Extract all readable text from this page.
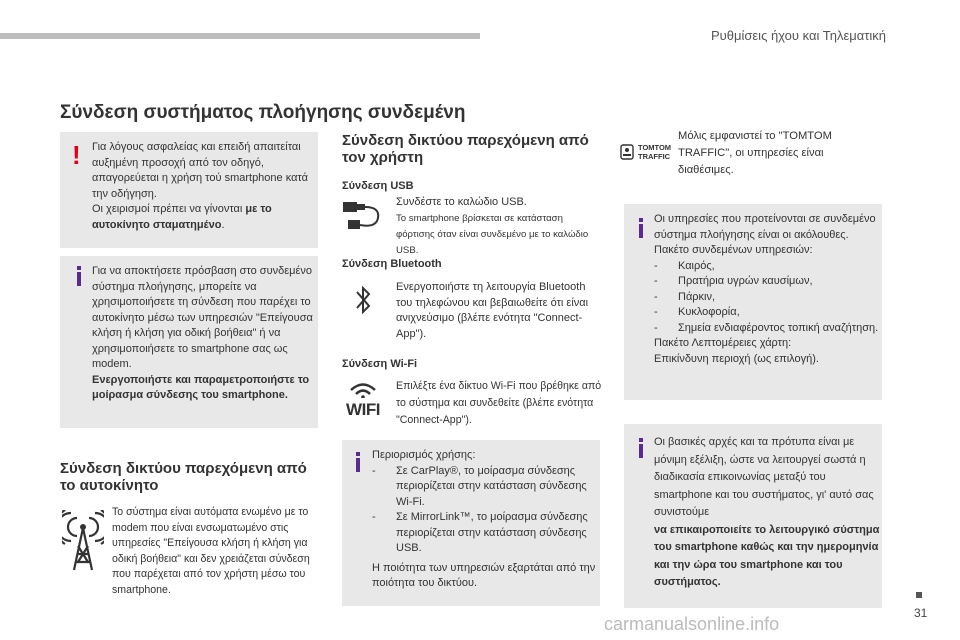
Ρυθμίσεις ήχου και Τηλεματική
Σύνδεση συστήματος πλοήγησης συνδεμένη
! Για λόγους ασφαλείας και επειδή απαιτείται αυξημένη προσοχή από τον οδηγό, απαγορεύεται η χρήση τού smartphone κατά την οδήγηση.

Οι χειρισμοί πρέπει να γίνονται με το αυτοκίνητο σταματημένο.

Για να αποκτήσετε πρόσβαση στο συνδεμένο σύστημα πλοήγησης, μπορείτε να χρησιμοποιήσετε τη σύνδεση που παρέχει το αυτοκίνητο μέσω των υπηρεσιών "Επείγουσα κλήση ή κλήση για οδική βοήθεια" ή να χρησιμοποιήσετε το smartphone σας ως modem.

Ενεργοποιήστε και παραμετροποιήστε το μοίρασμα σύνδεσης του smartphone.

Σύνδεση δικτύου παρεχόμενη από το αυτοκίνητο
Το σύστημα είναι αυτόματα ενωμένο με το modem που είναι ενσωματωμένο στις υπηρεσίες "Επείγουσα κλήση ή κλήση για οδική βοήθεια" και δεν χρειάζεται σύνδεση που παρέχεται από τον χρήστη μέσω του smartphone.
Σύνδεση δικτύου παρεχόμενη από τον χρήστη
Σύνδεση USB
Συνδέστε το καλώδιο USB.
Το smartphone βρίσκεται σε κατάσταση φόρτισης όταν είναι συνδεμένο με το καλώδιο USB.
Σύνδεση Bluetooth
Ενεργοποιήστε τη λειτουργία Bluetooth του τηλεφώνου και βεβαιωθείτε ότι είναι ανιχνεύσιμο (βλέπε ενότητα "Connect-App").
Σύνδεση Wi-Fi
WIFI
Επιλέξτε ένα δίκτυο Wi-Fi που βρέθηκε από το σύστημα και συνδεθείτε (βλέπε ενότητα "Connect-App").

Περιορισμός χρήσης:

- Σε CarPlay®, το μοίρασμα σύνδεσης περιορίζεται στην κατάσταση σύνδεσης Wi-Fi.
- Σε MirrorLink™, το μοίρασμα σύνδεσης περιορίζεται στην κατάσταση σύνδεσης USB.

Η ποιότητα των υπηρεσιών εξαρτάται από την ποιότητα του δικτύου.

TOMTOM TRAFFIC
Μόλις εμφανιστεί το "TOMTOM TRAFFIC", οι υπηρεσίες είναι διαθέσιμες.

Οι υπηρεσίες που προτείνονται σε συνδεμένο σύστημα πλοήγησης είναι οι ακόλουθες.

Πακέτο συνδεμένων υπηρεσιών:

- Καιρός,
- Πρατήρια υγρών καυσίμων,
- Πάρκιν,
- Κυκλοφορία,
- Σημεία ενδιαφέροντος τοπική αναζήτηση.

Πακέτο Λεπτομέρειες χάρτη:

Επικίνδυνη περιοχή (ως επιλογή).

Οι βασικές αρχές και τα πρότυπα είναι με μόνιμη εξέλιξη, ώστε να λειτουργεί σωστά η διαδικασία επικοινωνίας μεταξύ του smartphone και του συστήματος, γι' αυτό σας συνιστούμε

να επικαιροποιείτε το λειτουργικό σύστημα του smartphone καθώς και την ημερομηνία και την ώρα του smartphone και του συστήματος.

31
carmanualsonline.info
